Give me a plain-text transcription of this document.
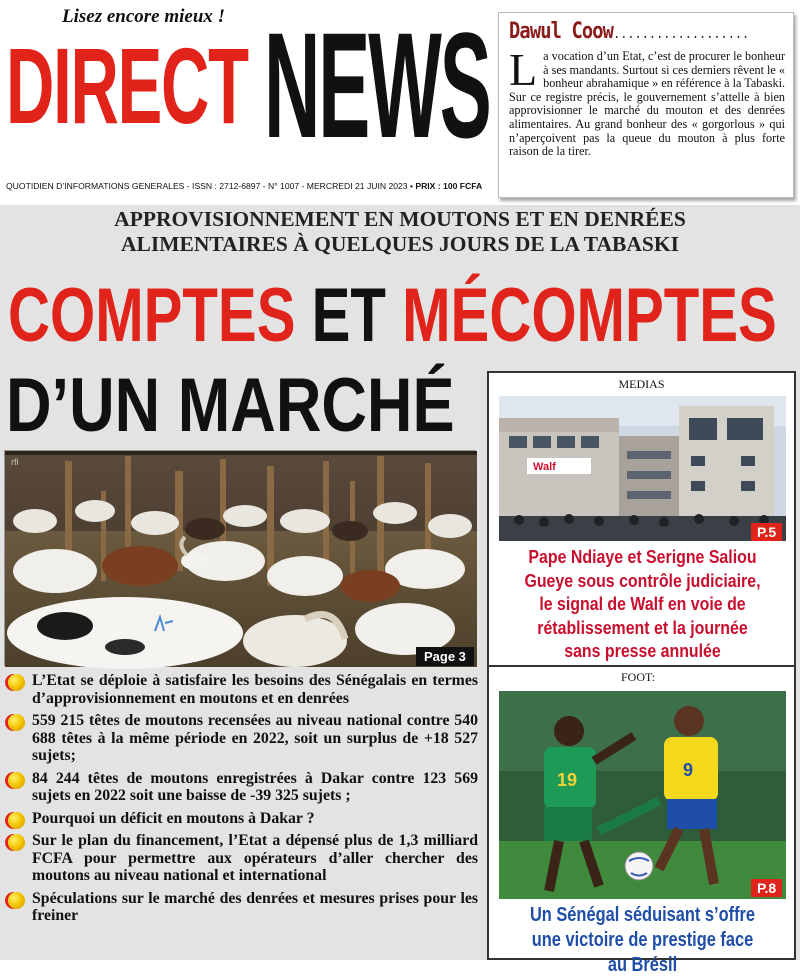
Lisez encore mieux !
DIRECT NEWS
QUOTIDIEN D’INFORMATIONS GENERALES - ISSN : 2712-6897 - N° 1007 - MERCREDI 21 JUIN 2023 • PRIX : 100 FCFA
Dawul Coow...................
L a vocation d’un Etat, c’est de procurer le bonheur à ses mandants. Surtout si ces derniers rêvent le « bonheur abrahamique » en référence à la Tabaski. Sur ce registre précis, le gouvernement s’attelle à bien approvisionner le marché du mouton et des denrées alimentaires. Au grand bonheur des « gorgorlous » qui n’aperçoivent pas la queue du mouton à plus forte raison de la tirer.
APPROVISIONNEMENT EN MOUTONS ET EN DENRÉES
ALIMENTAIRES À QUELQUES JOURS DE LA TABASKI
COMPTES ET MÉCOMPTES
D’UN MARCHÉ
rfi
Page 3
L’Etat se déploie à satisfaire les besoins des Sénégalais en termes d’approvisionnement en moutons et en denrées
559 215 têtes de moutons recensées au niveau national contre 540 688 têtes à la même période en 2022, soit un surplus de +18 527 sujets;
84 244 têtes de moutons enregistrées à Dakar contre 123 569 sujets en 2022 soit une baisse de -39 325 sujets ;
Pourquoi un déficit en moutons à Dakar ?
Sur le plan du financement, l’Etat a dépensé plus de 1,3 milliard FCFA pour permettre aux opérateurs d’aller chercher des moutons au niveau national et international
Spéculations sur le marché des denrées et mesures prises pour les freiner
MEDIAS
Walf
P.5
Pape Ndiaye et Serigne Saliou Gueye sous contrôle judiciaire, le signal de Walf en voie de rétablissement et la journée sans presse annulée
FOOT:
19	9
P.8
Un Sénégal séduisant s’offre une victoire de prestige face au Brésil
